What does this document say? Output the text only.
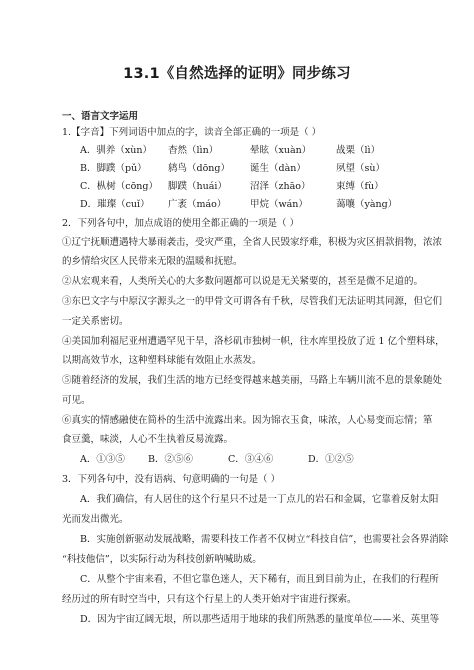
13.1《自然选择的证明》同步练习
一、语言文字运用
1.【字音】下列词语中加点的字，读音全部正确的一项是（ ）
A．驯养（xùn） 杳然（lìn）	晕眩（xuàn）	战栗（lì）
B．脚蹼（pǔ） 鸫鸟（dōng） 诞生（dàn）	夙望（sù）
C．枞树（cōng） 脚蹼（huái） 沼泽（zhāo）	束缚（fù）
D．璀璨（cuǐ） 广袤（máo） 甲烷（wán）	蔼嚷（yàng）
2．下列各句中，加点成语的使用全都正确的一项是（ ）
①辽宁抚顺遭遇特大暴雨袭击，受灾严重，全省人民毁家纾难，积极为灾区捐款捐物，浓浓
的乡情给灾区人民带来无限的温暖和抚慰。
②从宏观来看，人类所关心的大多数问题都可以说是无关紧要的，甚至是微不足道的。
③东巴文字与中原汉字源头之一的甲骨文可谓各有千秋，尽管我们无法证明其同源，但它们
一定关系密切。
④美国加利福尼亚州遭遇罕见干旱，洛杉矶市独树一帜，往水库里投放了近 1 亿个塑料球，
以期高效节水，这种塑料球能有效阻止水蒸发。
⑤随着经济的发展，我们生活的地方已经变得越来越美丽，马路上车辆川流不息的景象随处
可见。
⑥真实的情感融使在简朴的生活中流露出来。因为锦衣玉食，味浓，人心易变而忘情；箪
食豆羹，味淡，人心不生执着反易流露。
A．①③⑤ B．②⑤⑥	C．③④⑥	D．①②⑤
3．下列各句中，没有语病、句意明确的一句是（ ）
A．我们确信，有人居住的这个行星只不过是一丁点儿的岩石和金属，它靠着反射太阳
光而发出微光。
B．实施创新驱动发展战略，需要科技工作者不仅树立“科技自信”，也需要社会各界消除
“科技他信”，以实际行动为科技创新呐喊助威。
C．从整个宇宙来看，不但它靠色迷人，天下稀有，而且到目前为止，在我们的行程所
经历过的所有时空当中，只有这个行星上的人类开始对宇宙进行探索。
D．因为宇宙辽阔无垠，所以那些适用于地球的我们所熟悉的量度单位——米、英里等
